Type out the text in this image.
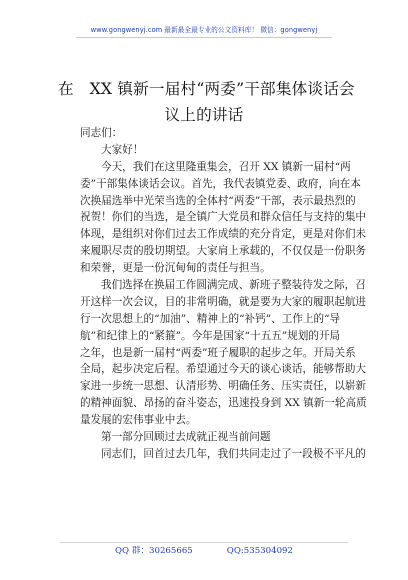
www.gongwenyj.com 最新最全最专业的公文资料库！ 微信：gongwenyj
在　XX 镇新一届村“两委”干部集体谈话会
议上的讲话
同志们：
大家好！
今天，我们在这里隆重集会，召开 XX 镇新一届村“两
委”干部集体谈话会议。首先，我代表镇党委、政府，向在本
次换届选举中光荣当选的全体村“两委”干部，表示最热烈的
祝贺！你们的当选，是全镇广大党员和群众信任与支持的集中
体现，是组织对你们过去工作成绩的充分肯定，更是对你们未
来履职尽责的殷切期望。大家肩上承载的，不仅仅是一份职务
和荣誉，更是一份沉甸甸的责任与担当。
我们选择在换届工作圆满完成、新班子整装待发之际，召
开这样一次会议，目的非常明确，就是要为大家的履职起航进
行一次思想上的“加油”、精神上的“补钙”、工作上的“导
航”和纪律上的“紧箍”。今年是国家“十五五”规划的开局
之年，也是新一届村“两委”班子履职的起步之年。开局关系
全局，起步决定后程。希望通过今天的谈心谈话，能够帮助大
家进一步统一思想、认清形势、明确任务、压实责任，以崭新
的精神面貌、昂扬的奋斗姿态，迅速投身到 XX 镇新一轮高质
量发展的宏伟事业中去。
第一部分回顾过去成就正视当前问题
同志们，回首过去几年，我们共同走过了一段极不平凡的
QQ 群：30265665	QQ:535304092
